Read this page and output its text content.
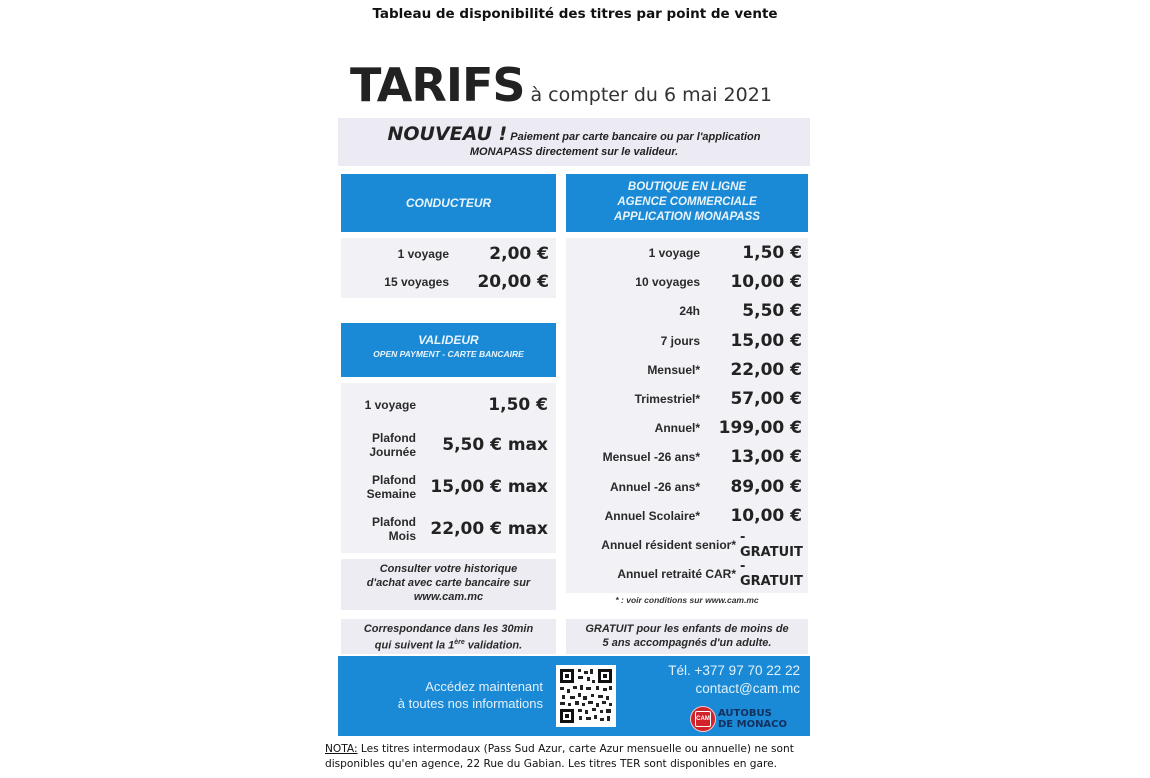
Tableau de disponibilité des titres par point de vente
TARIFS à compter du 6 mai 2021
NOUVEAU ! Paiement par carte bancaire ou par l'application
MONAPASS directement sur le valideur.
CONDUCTEUR
1 voyage	2,00 €
15 voyages	20,00 €
VALIDEUR
OPEN PAYMENT - CARTE BANCAIRE
1 voyage	1,50 €
Plafond
Journée	5,50 € max
Plafond
Semaine 15,00 € max
Plafond
Mois 22,00 € max
Consulter votre historique
d'achat avec carte bancaire sur
www.cam.mc
Correspondance dans les 30min
qui suivent la 1ère validation.
BOUTIQUE EN LIGNE
AGENCE COMMERCIALE
APPLICATION MONAPASS
1 voyage	1,50 €
10 voyages	10,00 €
24h	5,50 €
7 jours	15,00 €
Mensuel*	22,00 €
Trimestriel*	57,00 €
Annuel*	199,00 €
Mensuel -26 ans*	13,00 €
Annuel -26 ans*	89,00 €
Annuel Scolaire*	10,00 €
Annuel résident senior* - GRATUIT
Annuel retraité CAR* - GRATUIT
* : voir conditions sur www.cam.mc
GRATUIT pour les enfants de moins de
5 ans accompagnés d'un adulte.
Accédez maintenant
à toutes nos informations
Tél. +377 97 70 22 22
contact@cam.mc
CAM AUTOBUS
DE MONACO
NOTA: Les titres intermodaux (Pass Sud Azur, carte Azur mensuelle ou annuelle) ne sont
disponibles qu'en agence, 22 Rue du Gabian. Les titres TER sont disponibles en gare.
